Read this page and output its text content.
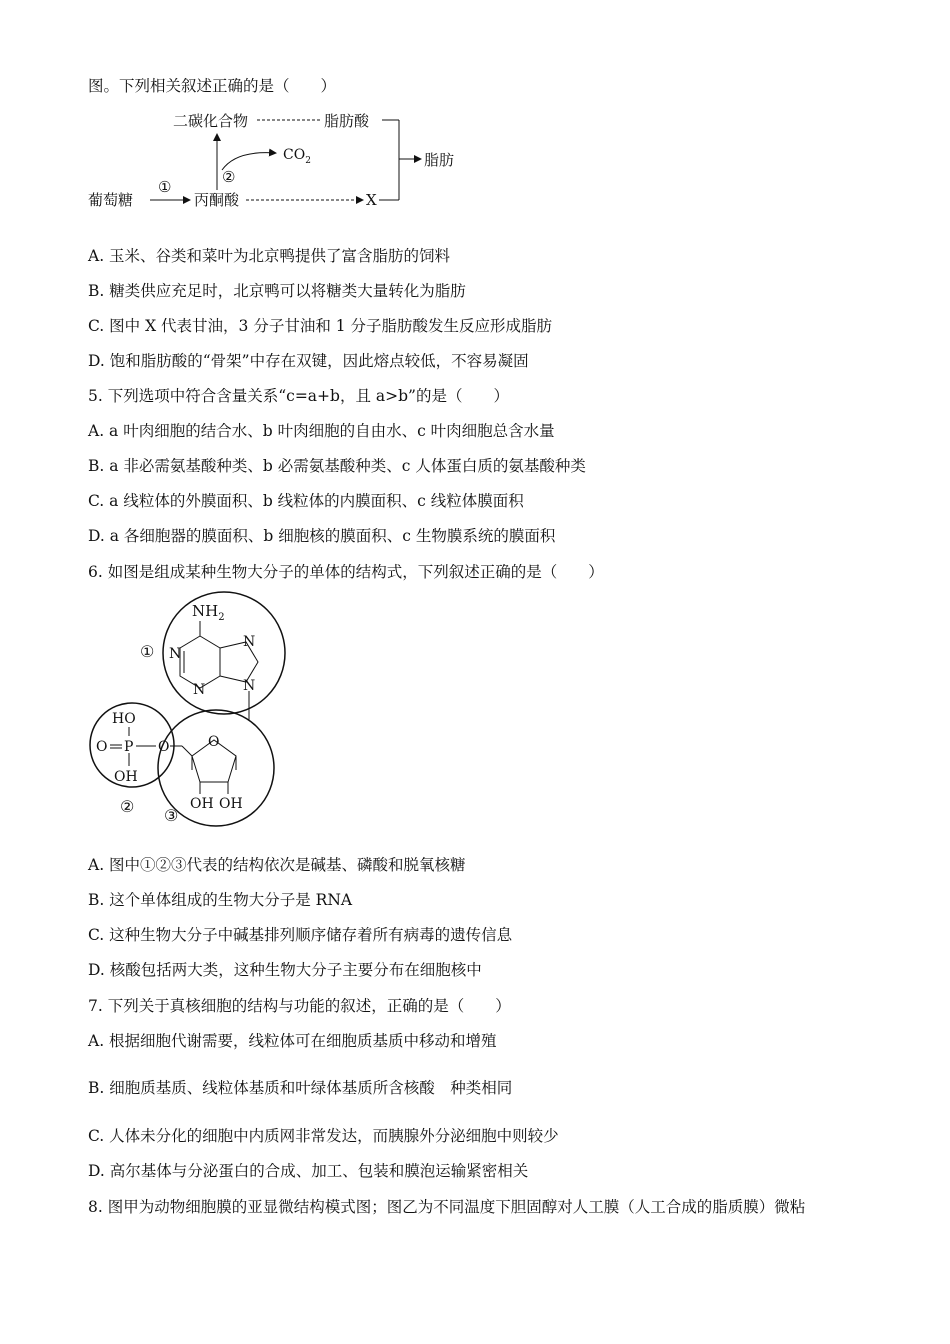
图。下列相关叙述正确的是（　　）
二碳化合物	脂肪酸
葡萄糖
①
丙酮酸
②
$CO_2$
X
脂肪
A. 玉米、谷类和菜叶为北京鸭提供了富含脂肪的饲料
B. 糖类供应充足时，北京鸭可以将糖类大量转化为脂肪
C. 图中 X 代表甘油，3 分子甘油和 1 分子脂肪酸发生反应形成脂肪
D. 饱和脂肪酸的“骨架”中存在双键，因此熔点较低，不容易凝固
5. 下列选项中符合含量关系“c=a+b，且 a>b”的是（　　）
A. a 叶肉细胞的结合水、b 叶肉细胞的自由水、c 叶肉细胞总含水量
B. a 非必需氨基酸种类、b 必需氨基酸种类、c 人体蛋白质的氨基酸种类
C. a 线粒体的外膜面积、b 线粒体的内膜面积、c 线粒体膜面积
D. a 各细胞器的膜面积、b 细胞核的膜面积、c 生物膜系统的膜面积
6. 如图是组成某种生物大分子的单体的结构式，下列叙述正确的是（　　）
①
$NH_2$
N
N
N
N
HO
O P
OH
O
②
O
OH OH
③
A. 图中①②③代表的结构依次是碱基、磷酸和脱氧核糖
B. 这个单体组成的生物大分子是 RNA
C. 这种生物大分子中碱基排列顺序储存着所有病毒的遗传信息
D. 核酸包括两大类，这种生物大分子主要分布在细胞核中
7. 下列关于真核细胞的结构与功能的叙述，正确的是（　　）
A. 根据细胞代谢需要，线粒体可在细胞质基质中移动和增殖
B. 细胞质基质、线粒体基质和叶绿体基质所含核酸　种类相同
C. 人体未分化的细胞中内质网非常发达，而胰腺外分泌细胞中则较少
D. 高尔基体与分泌蛋白的合成、加工、包装和膜泡运输紧密相关
8. 图甲为动物细胞膜的亚显微结构模式图；图乙为不同温度下胆固醇对人工膜（人工合成的脂质膜）微粘
